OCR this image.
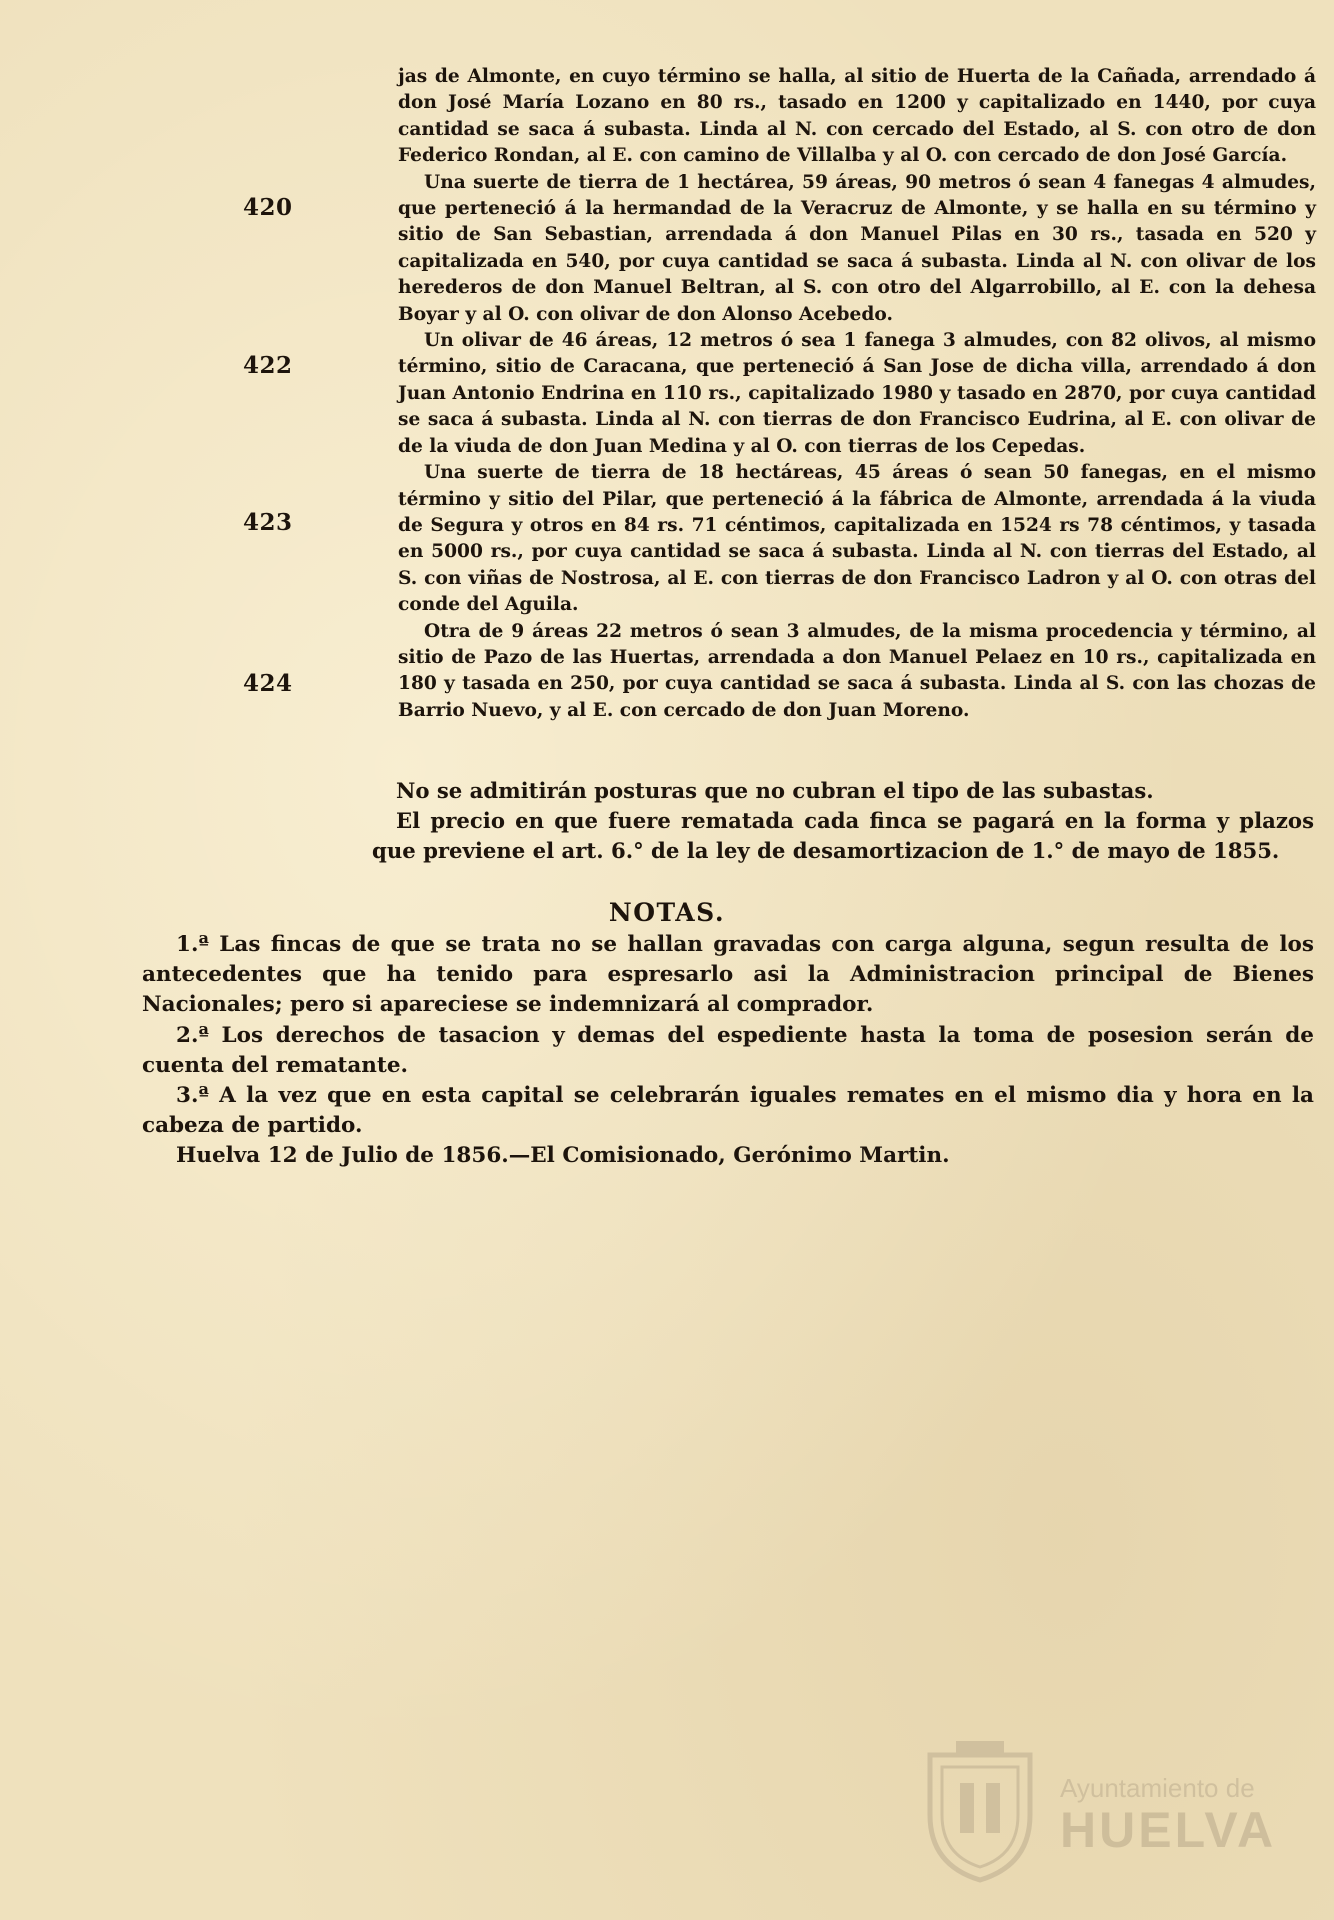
420
422
423
424

jas de Almonte, en cuyo término se halla, al sitio de Huerta de la Cañada, arrendado á don José María Lozano en 80 rs., tasado en 1200 y capitalizado en 1440, por cuya cantidad se saca á subasta. Linda al N. con cercado del Estado, al S. con otro de don Federico Rondan, al E. con camino de Villalba y al O. con cercado de don José García.

Una suerte de tierra de 1 hectárea, 59 áreas, 90 metros ó sean 4 fanegas 4 almudes, que perteneció á la hermandad de la Veracruz de Almonte, y se halla en su término y sitio de San Sebastian, arrendada á don Manuel Pilas en 30 rs., tasada en 520 y capitalizada en 540, por cuya cantidad se saca á subasta. Linda al N. con olivar de los herederos de don Manuel Beltran, al S. con otro del Algarrobillo, al E. con la dehesa Boyar y al O. con olivar de don Alonso Acebedo.

Un olivar de 46 áreas, 12 metros ó sea 1 fanega 3 almudes, con 82 olivos, al mismo término, sitio de Caracana, que perteneció á San Jose de dicha villa, arrendado á don Juan Antonio Endrina en 110 rs., capitalizado 1980 y tasado en 2870, por cuya cantidad se saca á subasta. Linda al N. con tierras de don Francisco Eudrina, al E. con olivar de de la viuda de don Juan Medina y al O. con tierras de los Cepedas.

Una suerte de tierra de 18 hectáreas, 45 áreas ó sean 50 fanegas, en el mismo término y sitio del Pilar, que perteneció á la fábrica de Almonte, arrendada á la viuda de Segura y otros en 84 rs. 71 céntimos, capitalizada en 1524 rs 78 céntimos, y tasada en 5000 rs., por cuya cantidad se saca á subasta. Linda al N. con tierras del Estado, al S. con viñas de Nostrosa, al E. con tierras de don Francisco Ladron y al O. con otras del conde del Aguila.

Otra de 9 áreas 22 metros ó sean 3 almudes, de la misma procedencia y término, al sitio de Pazo de las Huertas, arrendada a don Manuel Pelaez en 10 rs., capitalizada en 180 y tasada en 250, por cuya cantidad se saca á subasta. Linda al S. con las chozas de Barrio Nuevo, y al E. con cercado de don Juan Moreno.

No se admitirán posturas que no cubran el tipo de las subastas.

El precio en que fuere rematada cada finca se pagará en la forma y plazos que previene el art. 6.° de la ley de desamortizacion de 1.° de mayo de 1855.

NOTAS.

1.ª Las fincas de que se trata no se hallan gravadas con carga alguna, segun resulta de los antecedentes que ha tenido para espresarlo asi la Administracion principal de Bienes Nacionales; pero si apareciese se indemnizará al comprador.

2.ª Los derechos de tasacion y demas del espediente hasta la toma de posesion serán de cuenta del rematante.

3.ª A la vez que en esta capital se celebrarán iguales remates en el mismo dia y hora en la cabeza de partido.

Huelva 12 de Julio de 1856.—El Comisionado, Gerónimo Martin.

Ayuntamiento de
HUELVA
